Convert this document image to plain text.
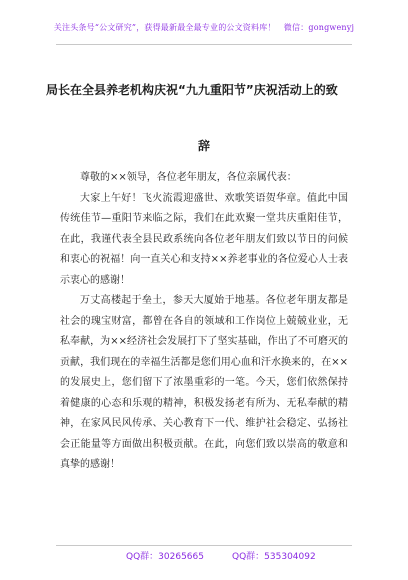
关注头条号“公文研究”，获得最新最全最专业的公文资料库！　微信：gongwenyj
局长在全县养老机构庆祝“九九重阳节”庆祝活动上的致
辞

尊敬的××领导，各位老年朋友，各位亲属代表：

大家上午好！飞火流霞迎盛世、欢歌笑语贺华章。值此中国传统佳节—重阳节来临之际，我们在此欢聚一堂共庆重阳佳节，在此，我谨代表全县民政系统向各位老年朋友们致以节日的问候和衷心的祝福！向一直关心和支持××养老事业的各位爱心人士表示衷心的感谢！

万丈高楼起于垒土，参天大厦始于地基。各位老年朋友都是社会的瑰宝财富，都曾在各自的领域和工作岗位上兢兢业业，无私奉献，为××经济社会发展打下了坚实基础，作出了不可磨灭的贡献，我们现在的幸福生活都是您们用心血和汗水换来的，在××的发展史上，您们留下了浓墨重彩的一笔。今天，您们依然保持着健康的心态和乐观的精神，积极发扬老有所为、无私奉献的精神，在家风民风传承、关心教育下一代、维护社会稳定、弘扬社会正能量等方面做出积极贡献。在此，向您们致以崇高的敬意和真挚的感谢！

QQ群：30265665	QQ群：535304092
